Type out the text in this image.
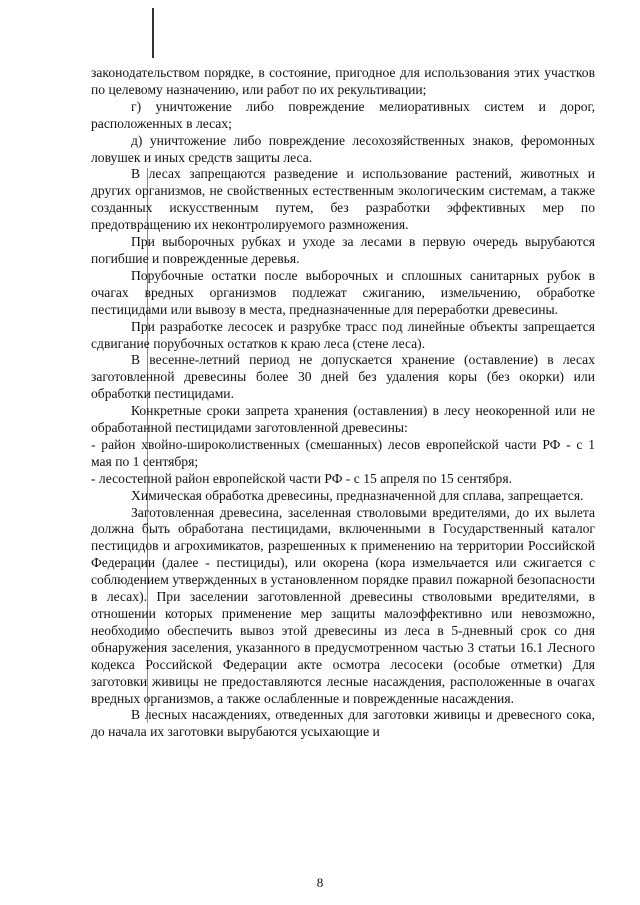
законодательством порядке, в состояние, пригодное для использования этих участков по целевому назначению, или работ по их рекультивации;

г) уничтожение либо повреждение мелиоративных систем и дорог, расположенных в лесах;

д) уничтожение либо повреждение лесохозяйственных знаков, феромонных ловушек и иных средств защиты леса.

В лесах запрещаются разведение и использование растений, животных и других организмов, не свойственных естественным экологическим системам, а также созданных искусственным путем, без разработки эффективных мер по предотвращению их неконтролируемого размножения.

При выборочных рубках и уходе за лесами в первую очередь вырубаются погибшие и поврежденные деревья.

Порубочные остатки после выборочных и сплошных санитарных рубок в очагах вредных организмов подлежат сжиганию, измельчению, обработке пестицидами или вывозу в места, предназначенные для переработки древесины.

При разработке лесосек и разрубке трасс под линейные объекты запрещается сдвигание порубочных остатков к краю леса (стене леса).

В весенне-летний период не допускается хранение (оставление) в лесах заготовленной древесины более 30 дней без удаления коры (без окорки) или обработки пестицидами.

Конкретные сроки запрета хранения (оставления) в лесу неокоренной или не обработанной пестицидами заготовленной древесины:

- район хвойно-широколиственных (смешанных) лесов европейской части РФ - с 1 мая по 1 сентября;

- лесостепной район европейской части РФ - с 15 апреля по 15 сентября.

Химическая обработка древесины, предназначенной для сплава, запрещается.

Заготовленная древесина, заселенная стволовыми вредителями, до их вылета должна быть обработана пестицидами, включенными в Государственный каталог пестицидов и агрохимикатов, разрешенных к применению на территории Российской Федерации (далее - пестициды), или окорена (кора измельчается или сжигается с соблюдением утвержденных в установленном порядке правил пожарной безопасности в лесах). При заселении заготовленной древесины стволовыми вредителями, в отношении которых применение мер защиты малоэффективно или невозможно, необходимо обеспечить вывоз этой древесины из леса в 5-дневный срок со дня обнаружения заселения, указанного в предусмотренном частью 3 статьи 16.1 Лесного кодекса Российской Федерации акте осмотра лесосеки (особые отметки) Для заготовки живицы не предоставляются лесные насаждения, расположенные в очагах вредных организмов, а также ослабленные и поврежденные насаждения.

В лесных насаждениях, отведенных для заготовки живицы и древесного сока, до начала их заготовки вырубаются усыхающие и

8
